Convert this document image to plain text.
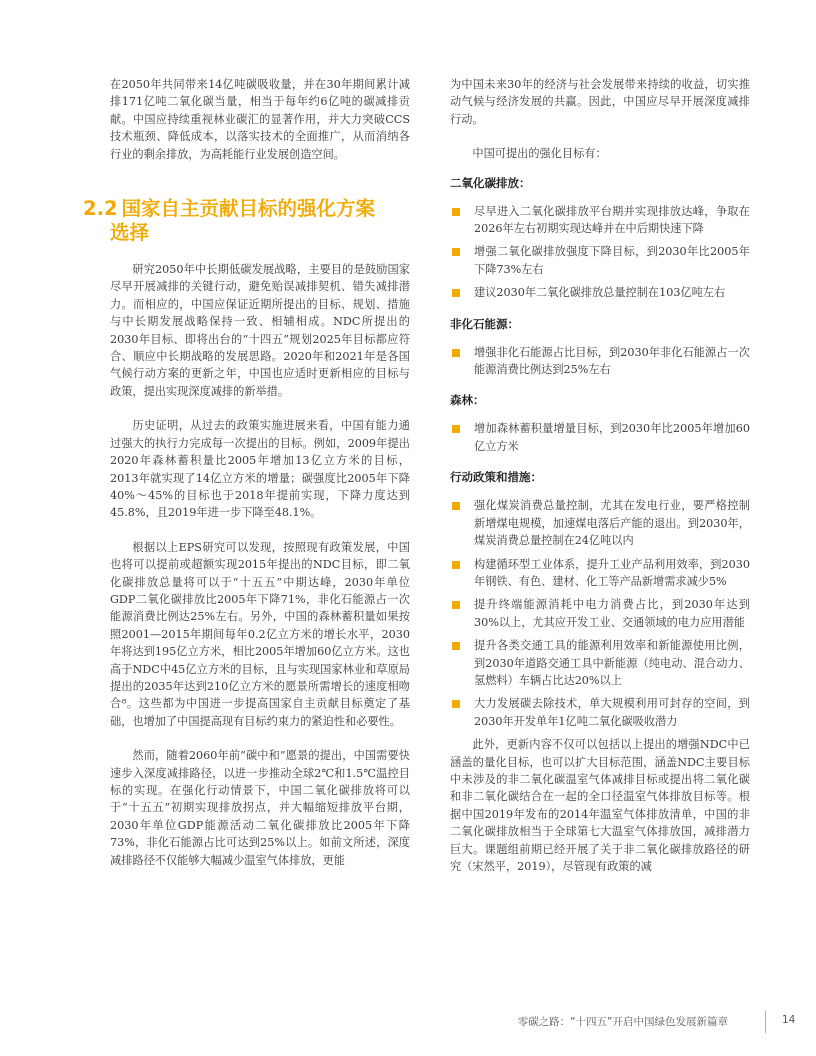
在2050年共同带来14亿吨碳吸收量，并在30年期间累计减排171亿吨二氧化碳当量，相当于每年约6亿吨的碳减排贡献。中国应持续重视林业碳汇的显著作用，并大力突破CCS技术瓶颈、降低成本，以落实技术的全面推广，从而消纳各行业的剩余排放，为高耗能行业发展创造空间。

2.2 国家自主贡献目标的强化方案
选择

研究2050年中长期低碳发展战略，主要目的是鼓励国家尽早开展减排的关键行动，避免贻误减排契机、错失减排潜力。而相应的，中国应保证近期所提出的目标、规划、措施与中长期发展战略保持一致、相辅相成。NDC所提出的2030年目标、即将出台的“十四五”规划2025年目标都应符合、顺应中长期战略的发展思路。2020年和2021年是各国气候行动方案的更新之年，中国也应适时更新相应的目标与政策，提出实现深度减排的新举措。

历史证明，从过去的政策实施进展来看，中国有能力通过强大的执行力完成每一次提出的目标。例如，2009年提出2020年森林蓄积量比2005年增加13亿立方米的目标，2013年就实现了14亿立方米的增量；碳强度比2005年下降40%～45%的目标也于2018年提前实现，下降力度达到45.8%，且2019年进一步下降至48.1%。

根据以上EPS研究可以发现，按照现有政策发展，中国也将可以提前或超额实现2015年提出的NDC目标，即二氧化碳排放总量将可以于“十五五”中期达峰，2030年单位GDP二氧化碳排放比2005年下降71%，非化石能源占一次能源消费比例达25%左右。另外，中国的森林蓄积量如果按照2001—2015年期间每年0.2亿立方米的增长水平，2030年将达到195亿立方米，相比2005年增加60亿立方米。这也高于NDC中45亿立方米的目标，且与实现国家林业和草原局提出的2035年达到210亿立方米的愿景所需增长的速度相吻合⁸。这些都为中国进一步提高国家自主贡献目标奠定了基础，也增加了中国提高现有目标约束力的紧迫性和必要性。

然而，随着2060年前“碳中和”愿景的提出，中国需要快速步入深度减排路径，以进一步推动全球2℃和1.5℃温控目标的实现。在强化行动情景下，中国二氧化碳排放将可以于“十五五”初期实现排放拐点，并大幅缩短排放平台期，2030年单位GDP能源活动二氧化碳排放比2005年下降73%，非化石能源占比可达到25%以上。如前文所述，深度减排路径不仅能够大幅减少温室气体排放，更能

为中国未来30年的经济与社会发展带来持续的收益，切实推动气候与经济发展的共赢。因此，中国应尽早开展深度减排行动。

中国可提出的强化目标有：

二氧化碳排放：
尽早进入二氧化碳排放平台期并实现排放达峰，争取在2026年左右初期实现达峰并在中后期快速下降
增强二氧化碳排放强度下降目标，到2030年比2005年下降73%左右
建议2030年二氧化碳排放总量控制在103亿吨左右
非化石能源：
增强非化石能源占比目标，到2030年非化石能源占一次能源消费比例达到25%左右
森林：
增加森林蓄积量增量目标，到2030年比2005年增加60亿立方米
行动政策和措施：
强化煤炭消费总量控制，尤其在发电行业，要严格控制新增煤电规模，加速煤电落后产能的退出。到2030年，煤炭消费总量控制在24亿吨以内
构建循环型工业体系，提升工业产品利用效率，到2030年钢铁、有色、建材、化工等产品新增需求减少5%
提升终端能源消耗中电力消费占比，到2030年达到30%以上，尤其应开发工业、交通领域的电力应用潜能
提升各类交通工具的能源利用效率和新能源使用比例，到2030年道路交通工具中新能源（纯电动、混合动力、氢燃料）车辆占比达20%以上
大力发展碳去除技术，单大规模利用可封存的空间，到2030年开发单年1亿吨二氧化碳吸收潜力

此外，更新内容不仅可以包括以上提出的增强NDC中已涵盖的量化目标，也可以扩大目标范围，涵盖NDC主要目标中未涉及的非二氧化碳温室气体减排目标或提出将二氧化碳和非二氧化碳结合在一起的全口径温室气体排放目标等。根据中国2019年发布的2014年温室气体排放清单，中国的非二氧化碳排放相当于全球第七大温室气体排放国，减排潜力巨大。课题组前期已经开展了关于非二氧化碳排放路径的研究（宋然平，2019），尽管现有政策的减

零碳之路：“十四五”开启中国绿色发展新篇章	14
